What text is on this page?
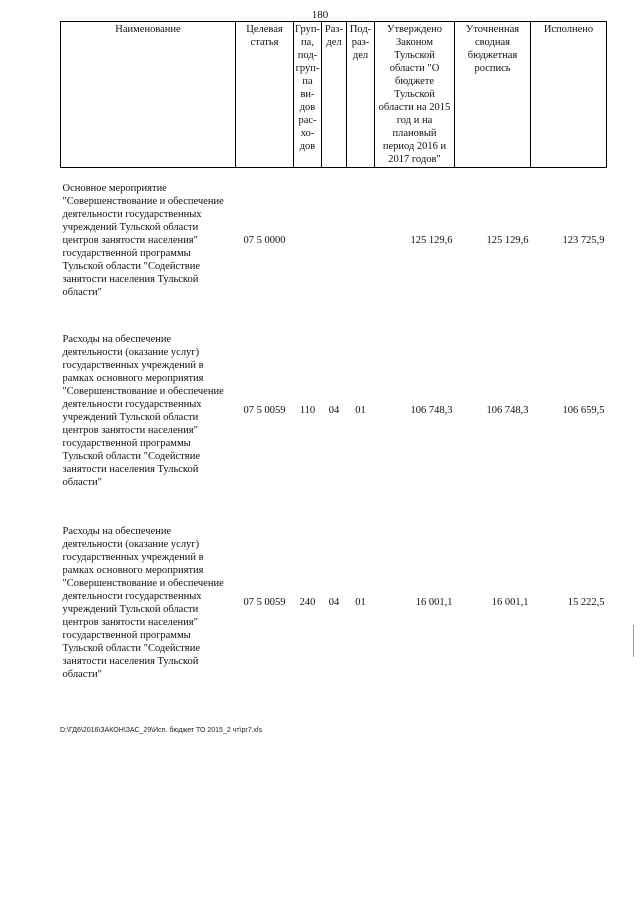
180
Наименование	Целевая статья	Груп- па, под- груп- па ви- дов рас- хо- дов	Раз- дел	Под- раз- дел	Утверждено Законом Тульской области "О бюджете Тульской области на 2015 год и на плановый период 2016 и 2017 годов"	Уточненная сводная бюджетная роспись	Исполнено
Основное мероприятие "Совершенствование и обеспечение деятельности государственных учреждений Тульской области центров занятости населения" государственной программы Тульской области "Содействие занятости населения Тульской области"	07 5 0000				125 129,6	125 129,6	123 725,9

Расходы на обеспечение деятельности (оказание услуг) государственных учреждений в рамках основного мероприятия "Совершенствование и обеспечение деятельности государственных учреждений Тульской области центров занятости населения" государственной программы Тульской области "Содействие занятости населения Тульской области"	07 5 0059	110	04	01	106 748,3	106 748,3	106 659,5

Расходы на обеспечение деятельности (оказание услуг) государственных учреждений в рамках основного мероприятия "Совершенствование и обеспечение деятельности государственных учреждений Тульской области центров занятости населения" государственной программы Тульской области "Содействие занятости населения Тульской области"	07 5 0059	240	04	01	16 001,1	16 001,1	15 222,5
D:\ГД6\2016\ЗАКОН\ЗАС_29\Исп. бюджет ТО 2015_2 чт\pr7.xls
